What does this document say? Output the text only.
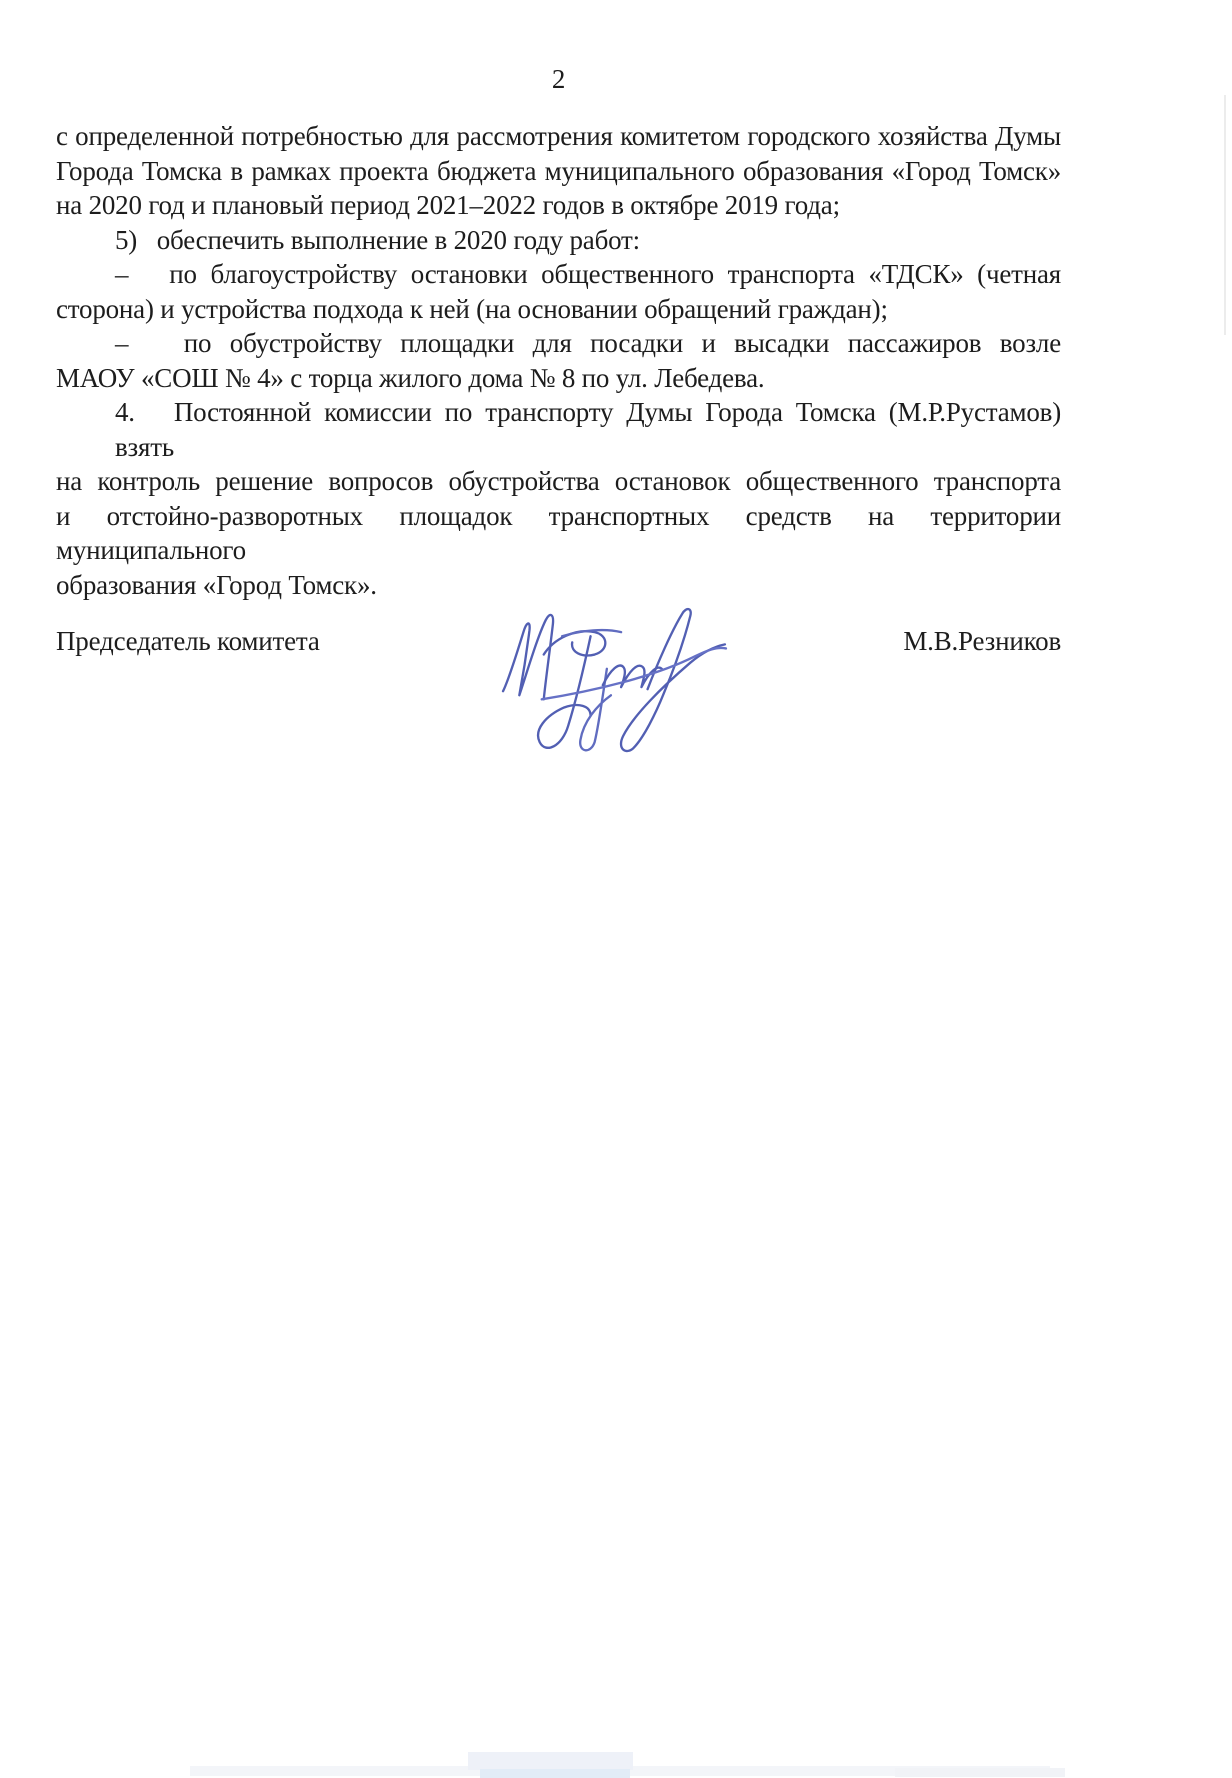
2
с определенной потребностью для рассмотрения комитетом городского хозяйства Думы
Города Томска в рамках проекта бюджета муниципального образования «Город Томск»
на 2020 год и плановый период 2021–2022 годов в октябре 2019 года;
5)   обеспечить выполнение в 2020 году работ:
–   по благоустройству остановки общественного транспорта «ТДСК» (четная
сторона) и устройства подхода к ней (на основании обращений граждан);
–   по обустройству площадки для посадки и высадки пассажиров возле
МАОУ «СОШ № 4» с торца жилого дома № 8 по ул. Лебедева.
4.   Постоянной комиссии по транспорту Думы Города Томска (М.Р.Рустамов) взять
на контроль решение вопросов обустройства остановок общественного транспорта
и отстойно-разворотных площадок транспортных средств на территории муниципального
образования «Город Томск».
Председатель комитета	М.В.Резников
